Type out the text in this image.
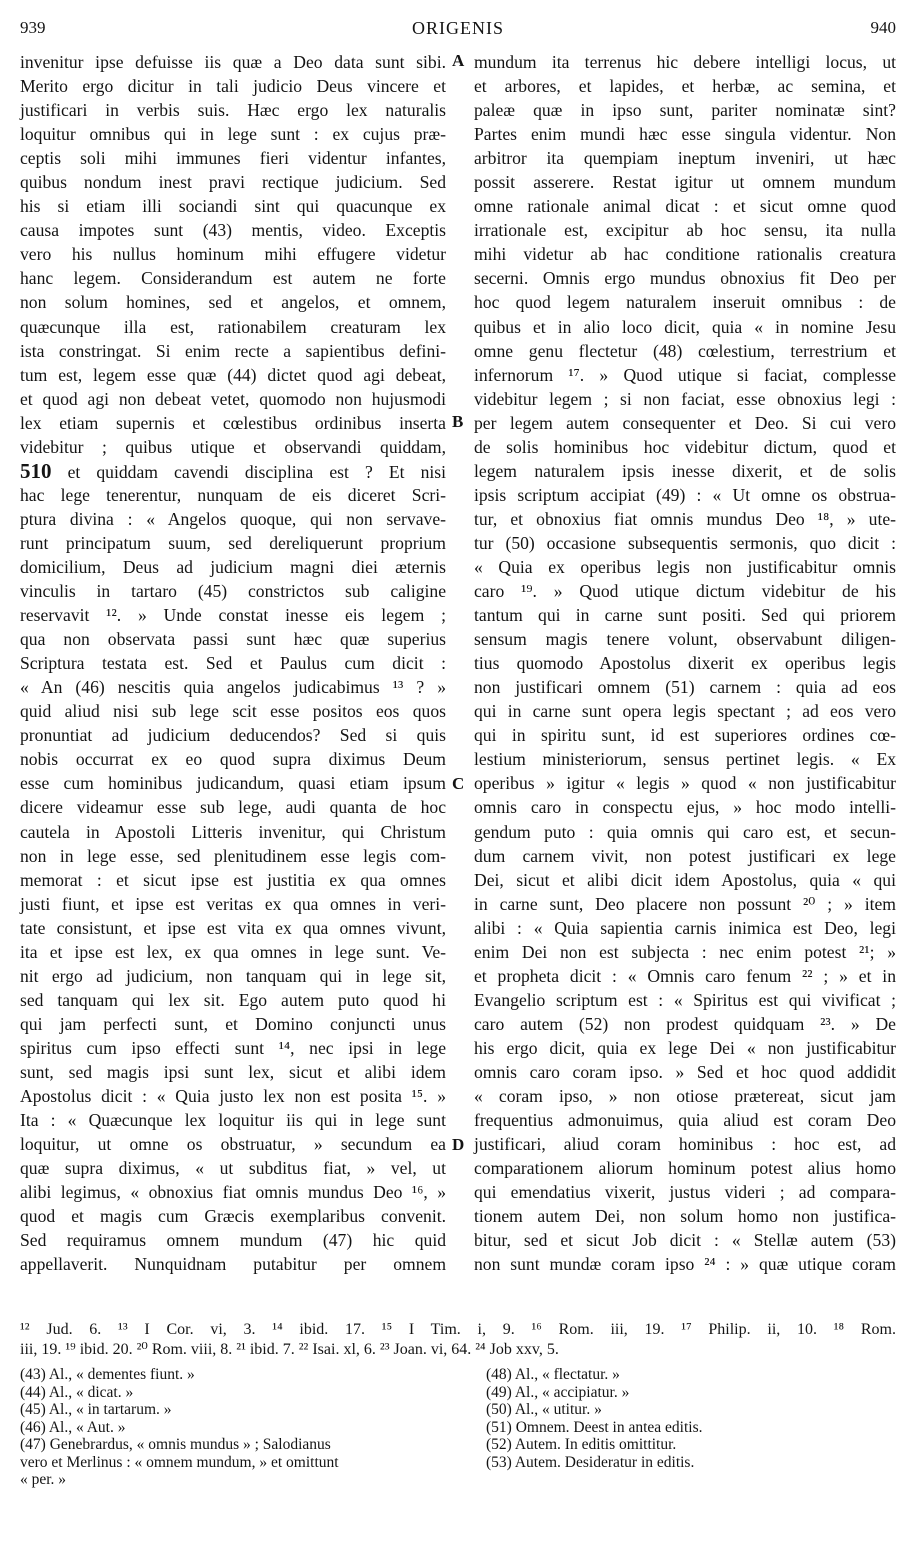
939	ORIGENIS	940
A
B
C
D
invenitur ipse defuisse iis quæ a Deo data sunt sibi.
Merito ergo dicitur in tali judicio Deus vincere et
justificari in verbis suis. Hæc ergo lex naturalis
loquitur omnibus qui in lege sunt : ex cujus præ-
ceptis soli mihi immunes fieri videntur infantes,
quibus nondum inest pravi rectique judicium. Sed
his si etiam illi sociandi sint qui quacunque ex
causa impotes sunt (43) mentis, video. Exceptis
vero his nullus hominum mihi effugere videtur
hanc legem. Considerandum est autem ne forte
non solum homines, sed et angelos, et omnem,
quæcunque illa est, rationabilem creaturam lex
ista constringat. Si enim recte a sapientibus defini-
tum est, legem esse quæ (44) dictet quod agi debeat,
et quod agi non debeat vetet, quomodo non hujusmodi
lex etiam supernis et cœlestibus ordinibus inserta
videbitur ; quibus utique et observandi quiddam,
510 et quiddam cavendi disciplina est ? Et nisi
hac lege tenerentur, nunquam de eis diceret Scri-
ptura divina : « Angelos quoque, qui non servave-
runt principatum suum, sed dereliquerunt proprium
domicilium, Deus ad judicium magni diei æternis
vinculis in tartaro (45) constrictos sub caligine
reservavit ¹². » Unde constat inesse eis legem ;
qua non observata passi sunt hæc quæ superius
Scriptura testata est. Sed et Paulus cum dicit :
« An (46) nescitis quia angelos judicabimus ¹³ ? »
quid aliud nisi sub lege scit esse positos eos quos
pronuntiat ad judicium deducendos? Sed si quis
nobis occurrat ex eo quod supra diximus Deum
esse cum hominibus judicandum, quasi etiam ipsum
dicere videamur esse sub lege, audi quanta de hoc
cautela in Apostoli Litteris invenitur, qui Christum
non in lege esse, sed plenitudinem esse legis com-
memorat : et sicut ipse est justitia ex qua omnes
justi fiunt, et ipse est veritas ex qua omnes in veri-
tate consistunt, et ipse est vita ex qua omnes vivunt,
ita et ipse est lex, ex qua omnes in lege sunt. Ve-
nit ergo ad judicium, non tanquam qui in lege sit,
sed tanquam qui lex sit. Ego autem puto quod hi
qui jam perfecti sunt, et Domino conjuncti unus
spiritus cum ipso effecti sunt ¹⁴, nec ipsi in lege
sunt, sed magis ipsi sunt lex, sicut et alibi idem
Apostolus dicit : « Quia justo lex non est posita ¹⁵. »
Ita : « Quæcunque lex loquitur iis qui in lege sunt
loquitur, ut omne os obstruatur, » secundum ea
quæ supra diximus, « ut subditus fiat, » vel, ut
alibi legimus, « obnoxius fiat omnis mundus Deo ¹⁶, »
quod et magis cum Græcis exemplaribus convenit.
Sed requiramus omnem mundum (47) hic quid
appellaverit. Nunquidnam putabitur per omnem
mundum ita terrenus hic debere intelligi locus, ut
et arbores, et lapides, et herbæ, ac semina, et
paleæ quæ in ipso sunt, pariter nominatæ sint?
Partes enim mundi hæc esse singula videntur. Non
arbitror ita quempiam ineptum inveniri, ut hæc
possit asserere. Restat igitur ut omnem mundum
omne rationale animal dicat : et sicut omne quod
irrationale est, excipitur ab hoc sensu, ita nulla
mihi videtur ab hac conditione rationalis creatura
secerni. Omnis ergo mundus obnoxius fit Deo per
hoc quod legem naturalem inseruit omnibus : de
quibus et in alio loco dicit, quia « in nomine Jesu
omne genu flectetur (48) cœlestium, terrestrium et
infernorum ¹⁷. » Quod utique si faciat, complesse
videbitur legem ; si non faciat, esse obnoxius legi :
per legem autem consequenter et Deo. Si cui vero
de solis hominibus hoc videbitur dictum, quod et
legem naturalem ipsis inesse dixerit, et de solis
ipsis scriptum accipiat (49) : « Ut omne os obstrua-
tur, et obnoxius fiat omnis mundus Deo ¹⁸, » ute-
tur (50) occasione subsequentis sermonis, quo dicit :
« Quia ex operibus legis non justificabitur omnis
caro ¹⁹. » Quod utique dictum videbitur de his
tantum qui in carne sunt positi. Sed qui priorem
sensum magis tenere volunt, observabunt diligen-
tius quomodo Apostolus dixerit ex operibus legis
non justificari omnem (51) carnem : quia ad eos
qui in carne sunt opera legis spectant ; ad eos vero
qui in spiritu sunt, id est superiores ordines cœ-
lestium ministeriorum, sensus pertinet legis. « Ex
operibus » igitur « legis » quod « non justificabitur
omnis caro in conspectu ejus, » hoc modo intelli-
gendum puto : quia omnis qui caro est, et secun-
dum carnem vivit, non potest justificari ex lege
Dei, sicut et alibi dicit idem Apostolus, quia « qui
in carne sunt, Deo placere non possunt ²⁰ ; » item
alibi : « Quia sapientia carnis inimica est Deo, legi
enim Dei non est subjecta : nec enim potest ²¹; »
et propheta dicit : « Omnis caro fenum ²² ; » et in
Evangelio scriptum est : « Spiritus est qui vivificat ;
caro autem (52) non prodest quidquam ²³. » De
his ergo dicit, quia ex lege Dei « non justificabitur
omnis caro coram ipso. » Sed et hoc quod addidit
« coram ipso, » non otiose prætereat, sicut jam
frequentius admonuimus, quia aliud est coram Deo
justificari, aliud coram hominibus : hoc est, ad
comparationem aliorum hominum potest alius homo
qui emendatius vixerit, justus videri ; ad compara-
tionem autem Dei, non solum homo non justifica-
bitur, sed et sicut Job dicit : « Stellæ autem (53)
non sunt mundæ coram ipso ²⁴ : » quæ utique coram
¹² Jud. 6. ¹³ I Cor. vi, 3. ¹⁴ ibid. 17. ¹⁵ I Tim. i, 9. ¹⁶ Rom. iii, 19. ¹⁷ Philip. ii, 10. ¹⁸ Rom.
iii, 19. ¹⁹ ibid. 20. ²⁰ Rom. viii, 8. ²¹ ibid. 7. ²² Isai. xl, 6. ²³ Joan. vi, 64. ²⁴ Job xxv, 5.
(43) Al., « dementes fiunt. »
(44) Al., « dicat. »
(45) Al., « in tartarum. »
(46) Al., « Aut. »
(47) Genebrardus, « omnis mundus » ; Salodianus
vero et Merlinus : « omnem mundum, » et omittunt
« per. »
(48) Al., « flectatur. »
(49) Al., « accipiatur. »
(50) Al., « utitur. »
(51) Omnem. Deest in antea editis.
(52) Autem. In editis omittitur.
(53) Autem. Desideratur in editis.
